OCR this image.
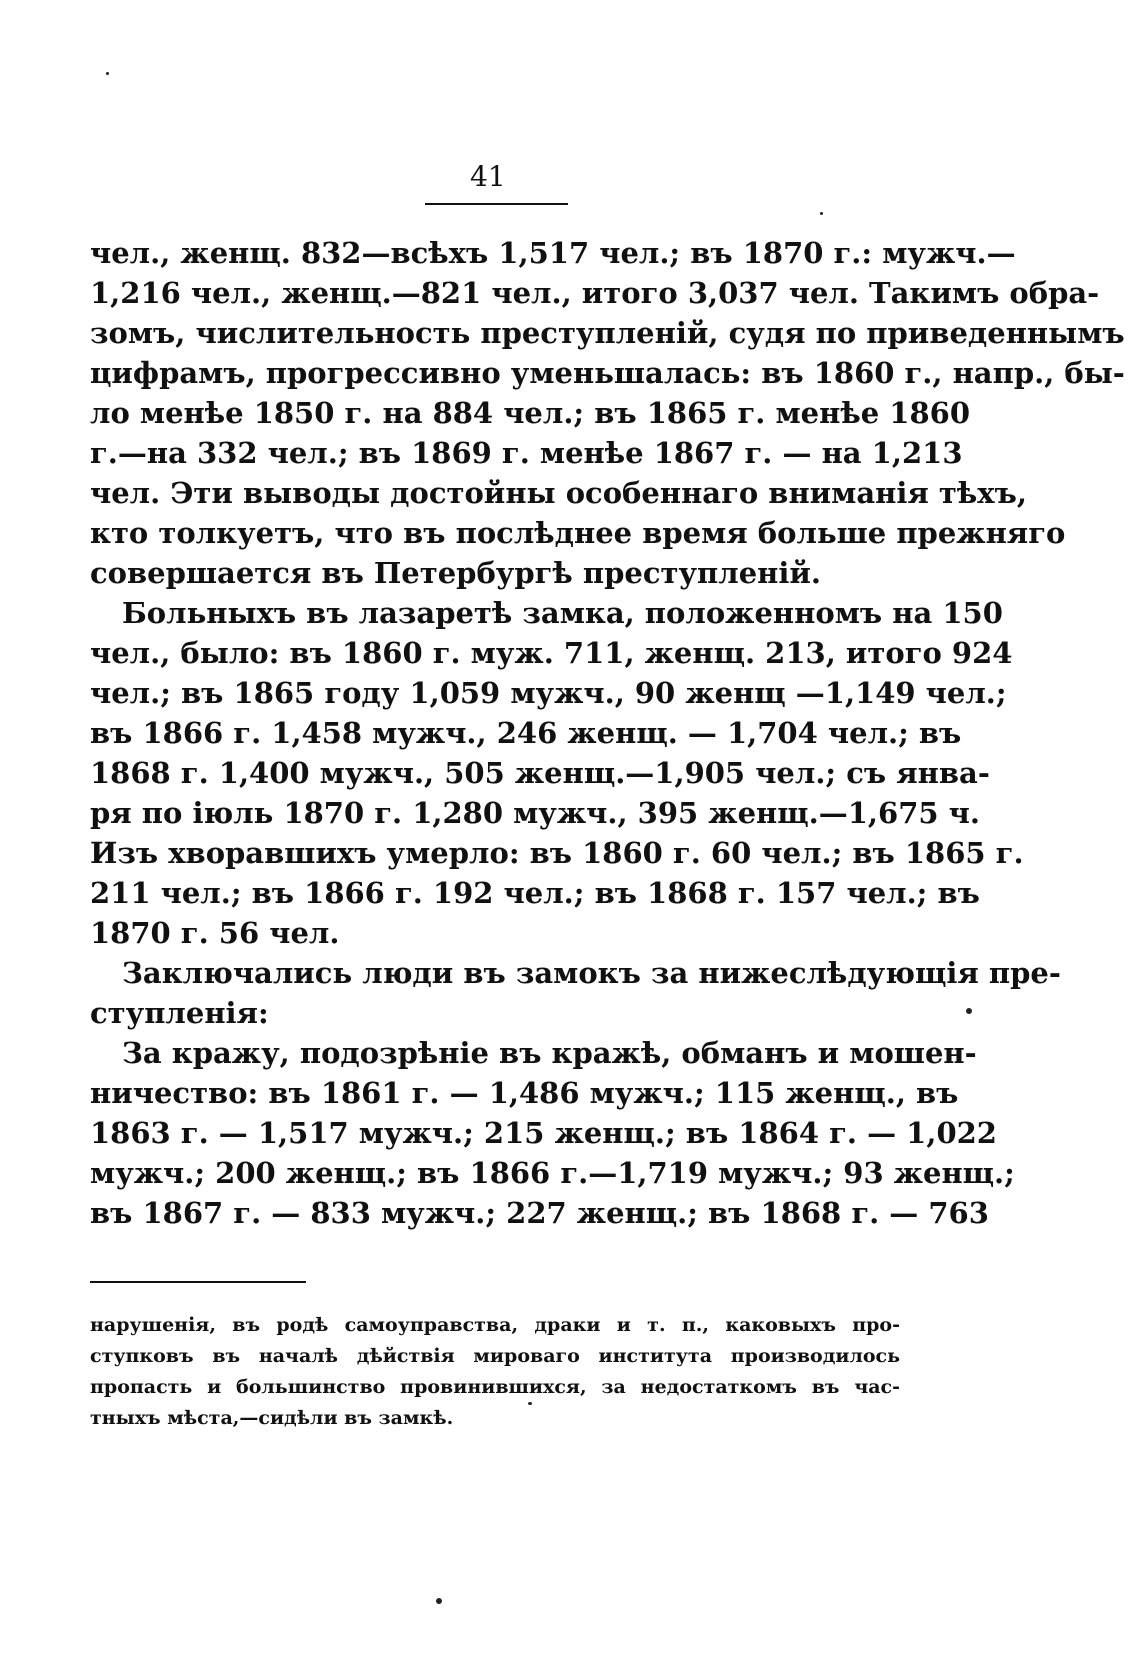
41
чел., женщ. 832—всѣхъ 1,517 чел.; въ 1870 г.: мужч.—
1,216 чел., женщ.—821 чел., итого 3,037 чел. Такимъ обра-
зомъ, числительность преступленій, судя по приведеннымъ
цифрамъ, прогрессивно уменьшалась: въ 1860 г., напр., бы-
ло менѣе 1850 г. на 884 чел.; въ 1865 г. менѣе 1860
г.—на 332 чел.; въ 1869 г. менѣе 1867 г. — на 1,213
чел. Эти выводы достойны особеннаго вниманія тѣхъ,
кто толкуетъ, что въ послѣднее время больше прежняго
совершается въ Петербургѣ преступленій.
Больныхъ въ лазаретѣ замка, положенномъ на 150
чел., было: въ 1860 г. муж. 711, женщ. 213, итого 924
чел.; въ 1865 году 1,059 мужч., 90 женщ —1,149 чел.;
въ 1866 г. 1,458 мужч., 246 женщ. — 1,704 чел.; въ
1868 г. 1,400 мужч., 505 женщ.—1,905 чел.; съ янва-
ря по іюль 1870 г. 1,280 мужч., 395 женщ.—1,675 ч.
Изъ хворавшихъ умерло: въ 1860 г. 60 чел.; въ 1865 г.
211 чел.; въ 1866 г. 192 чел.; въ 1868 г. 157 чел.; въ
1870 г. 56 чел.
Заключались люди въ замокъ за нижеслѣдующія пре-
ступленія:
За кражу, подозрѣніе въ кражѣ, обманъ и мошен-
ничество: въ 1861 г. — 1,486 мужч.; 115 женщ., въ
1863 г. — 1,517 мужч.; 215 женщ.; въ 1864 г. — 1,022
мужч.; 200 женщ.; въ 1866 г.—1,719 мужч.; 93 женщ.;
въ 1867 г. — 833 мужч.; 227 женщ.; въ 1868 г. — 763
нарушенія, въ родѣ самоуправства, драки и т. п., каковыхъ про-
ступковъ въ началѣ дѣйствія мироваго института производилось
пропасть и большинство провинившихся, за недостаткомъ въ час-
тныхъ мѣста,—сидѣли въ замкѣ.
